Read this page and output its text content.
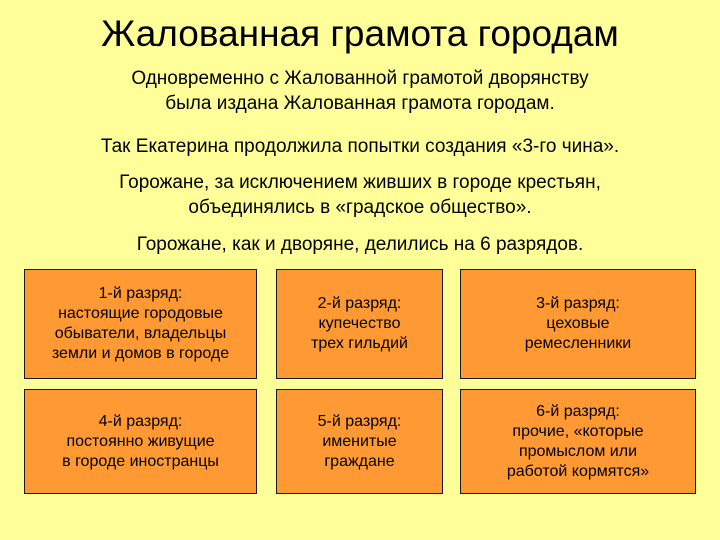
Жалованная грамота городам
Одновременно с Жалованной грамотой дворянству
была издана Жалованная грамота городам.
Так Екатерина продолжила попытки создания «3-го чина».
Горожане, за исключением живших в городе крестьян,
объединялись в «градское общество».
Горожане, как и дворяне, делились на 6 разрядов.
1-й разряд:
настоящие городовые
обыватели, владельцы
земли и домов в городе
2-й разряд:
купечество
трех гильдий
3-й разряд:
цеховые
ремесленники
4-й разряд:
постоянно живущие
в городе иностранцы
5-й разряд:
именитые
граждане
6-й разряд:
прочие, «которые
промыслом или
работой кормятся»
